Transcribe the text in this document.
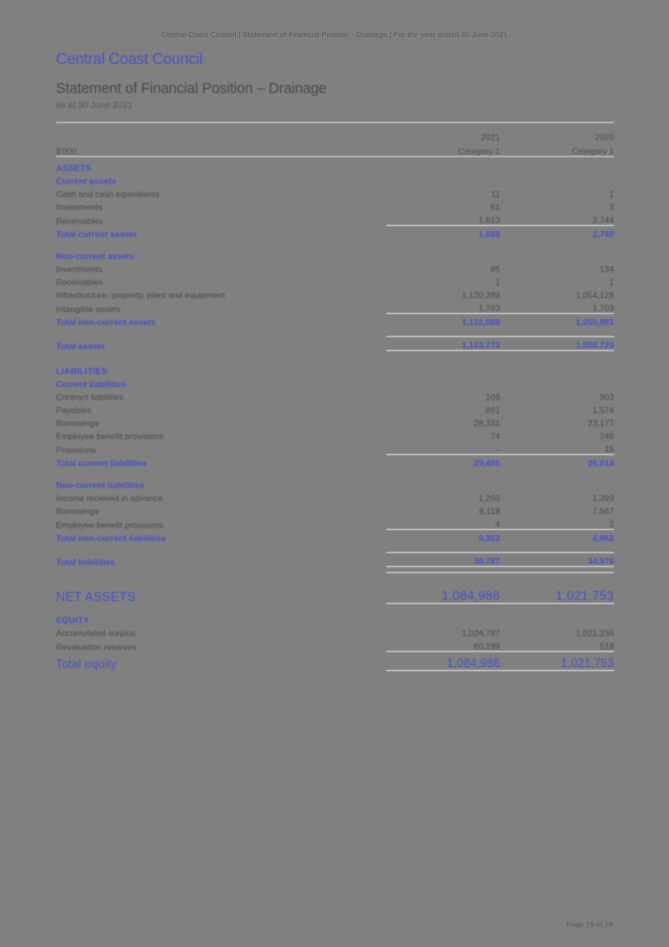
Central Coast Council | Statement of Financial Position - Drainage | For the year ended 30 June 2021
Central Coast Council
Statement of Financial Position – Drainage
as at 30 June 2021

	2021	2020
$'000	Category 1	Category 1
ASSETS		
Current assets		
Cash and cash equivalents	11	1
Investments	61	3
Receivables	1,613	2,744
Total current assets	1,685	2,748

Non-current assets		
Investments	95	134
Receivables	1	1
Infrastructure, property, plant and equipment	1,120,289	1,054,128
Intangible assets	1,703	1,703
Total non-current assets	1,122,088	1,055,981

Total assets	1,123,773	1,058,729

LIABILITIES		
Current liabilities		
Contract liabilities	109	903
Payables	891	1,574
Borrowings	28,331	23,177
Employee benefit provisions	74	246
Provisions	–	15
Total current liabilities	29,405	26,014

Non-current liabilities		
Income received in advance	1,260	1,393
Borrowings	8,118	7,567
Employee benefit provisions	4	2
Total non-current liabilities	9,382	8,962

Total liabilities	38,787	34,976

NET ASSETS	1,084,986	1,021,753

EQUITY		
Accumulated surplus	1,024,787	1,021,235
Revaluation reserves	60,199	518
Total equity	1,084,986	1,021,753
Page 15 of 29
